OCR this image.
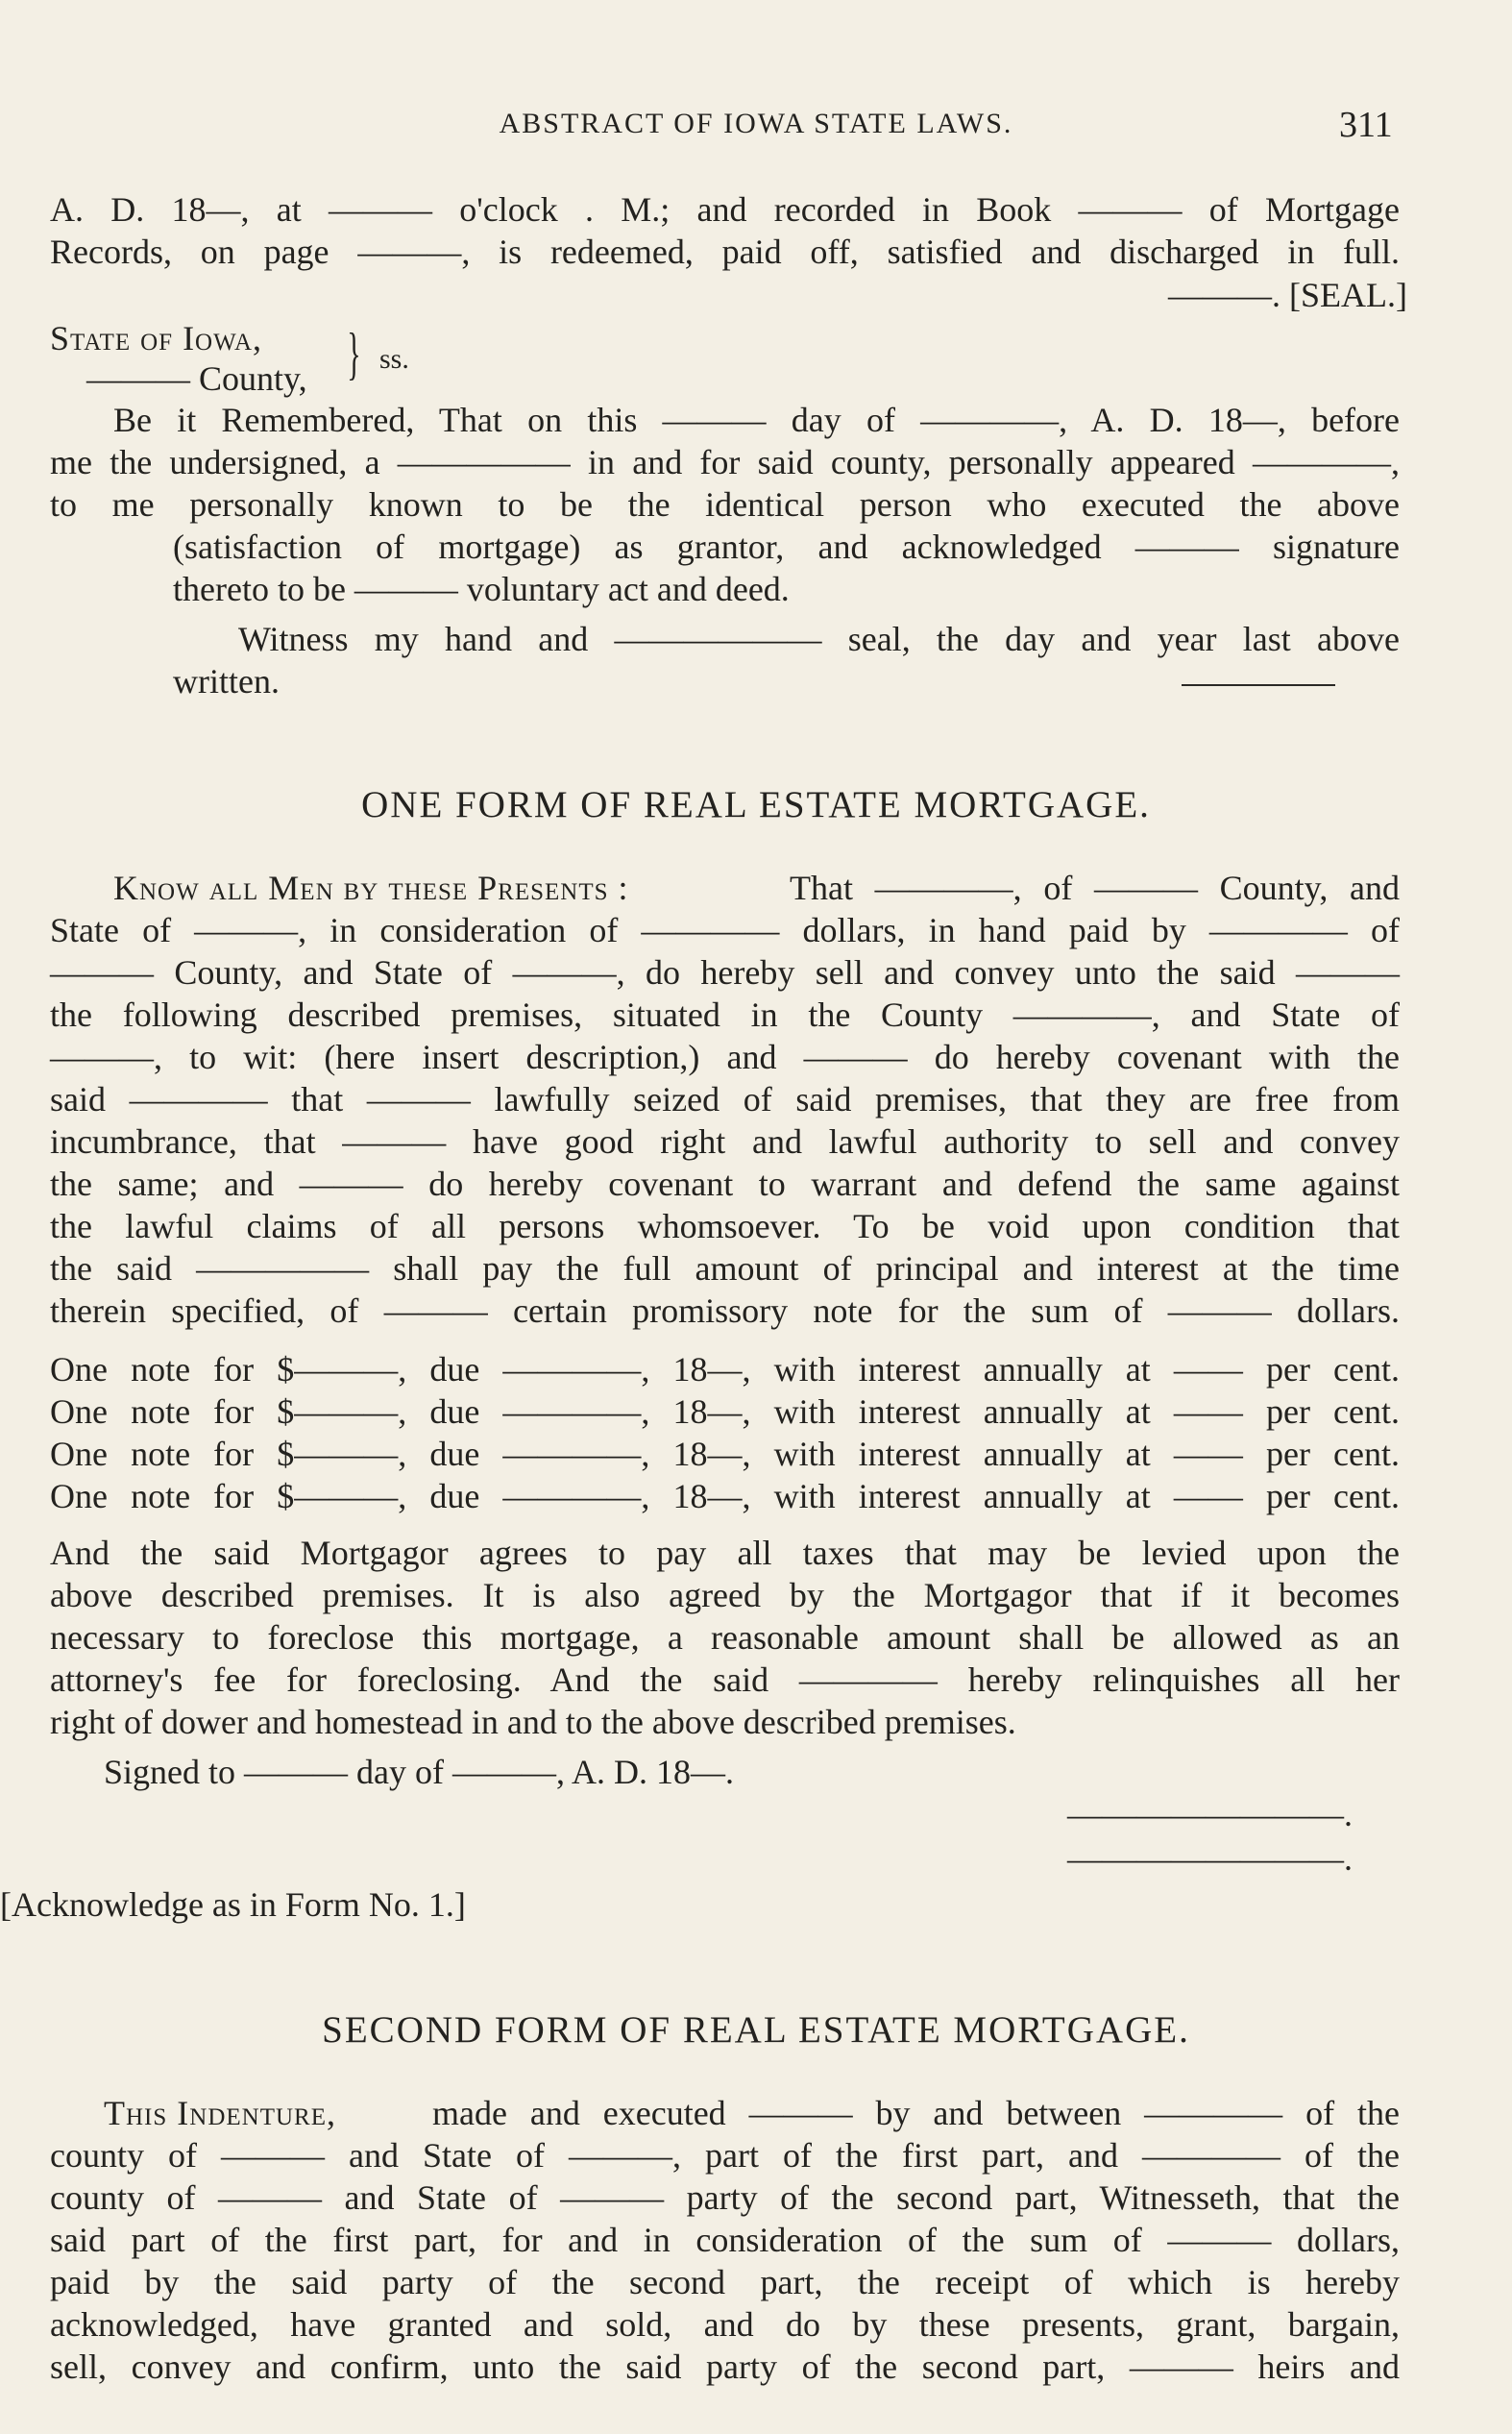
ABSTRACT OF IOWA STATE LAWS.	311
A. D. 18—, at ——— o'clock . M.; and recorded in Book ——— of Mortgage
Records, on page ———, is redeemed, paid off, satisfied and discharged in full.
———. [SEAL.]
State of Iowa,
——— County, } ss.
Be it Remembered, That on this ——— day of ————, A. D. 18—, before
me the undersigned, a ————— in and for said county, personally appeared ————,
to me personally known to be the identical person who executed the above
(satisfaction of mortgage) as grantor, and acknowledged ——— signature
thereto to be ——— voluntary act and deed.
Witness my hand and —————— seal, the day and year last above
written.
ONE FORM OF REAL ESTATE MORTGAGE.
Know all Men by these Presents :	That ————, of ——— County, and
State of ———, in consideration of ———— dollars, in hand paid by ———— of
——— County, and State of ———, do hereby sell and convey unto the said ———
the following described premises, situated in the County ————, and State of
———, to wit: (here insert description,) and ——— do hereby covenant with the
said ———— that ——— lawfully seized of said premises, that they are free from
incumbrance, that ——— have good right and lawful authority to sell and convey
the same; and ——— do hereby covenant to warrant and defend the same against
the lawful claims of all persons whomsoever. To be void upon condition that
the said ————— shall pay the full amount of principal and interest at the time
therein specified, of ——— certain promissory note for the sum of ——— dollars.
One note for $———, due ————, 18—, with interest annually at —— per cent.
One note for $———, due ————, 18—, with interest annually at —— per cent.
One note for $———, due ————, 18—, with interest annually at —— per cent.
One note for $———, due ————, 18—, with interest annually at —— per cent.
And the said Mortgagor agrees to pay all taxes that may be levied upon the
above described premises. It is also agreed by the Mortgagor that if it becomes
necessary to foreclose this mortgage, a reasonable amount shall be allowed as an
attorney's fee for foreclosing. And the said ———— hereby relinquishes all her
right of dower and homestead in and to the above described premises.
Signed to ——— day of ———, A. D. 18—.
————————.
————————.
[Acknowledge as in Form No. 1.]
SECOND FORM OF REAL ESTATE MORTGAGE.
This Indenture,	made and executed ——— by and between ———— of the
county of ——— and State of ———, part of the first part, and ———— of the
county of ——— and State of ——— party of the second part, Witnesseth, that the
said part of the first part, for and in consideration of the sum of ——— dollars,
paid by the said party of the second part, the receipt of which is hereby
acknowledged, have granted and sold, and do by these presents, grant, bargain,
sell, convey and confirm, unto the said party of the second part, ——— heirs and
